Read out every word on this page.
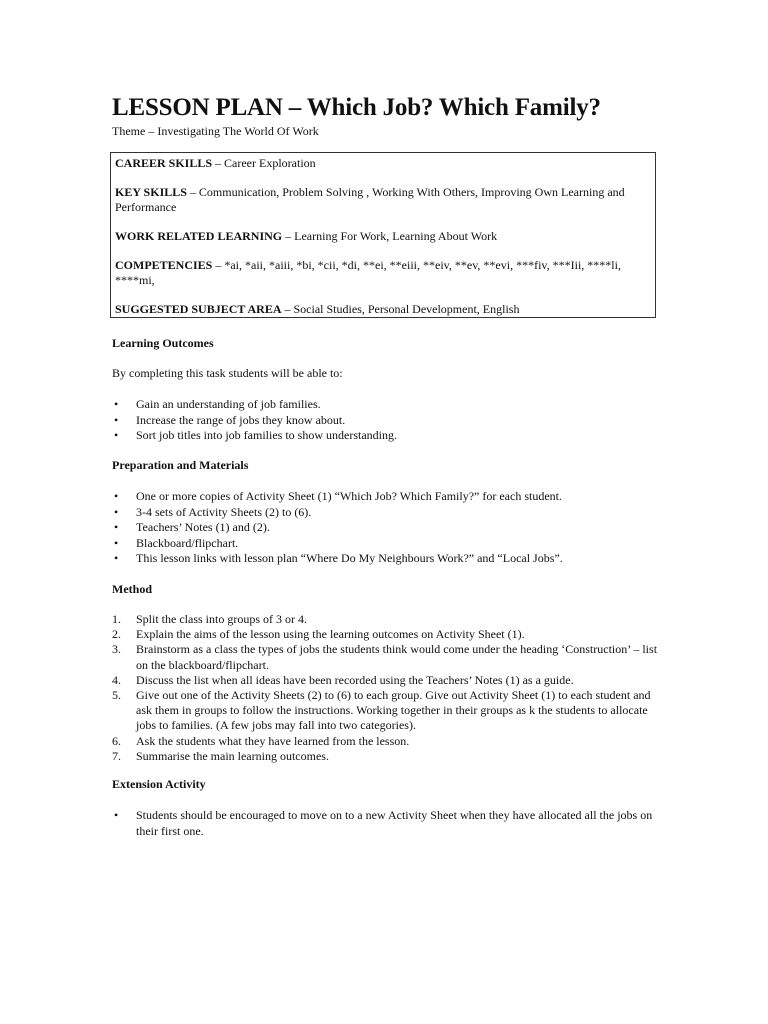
LESSON PLAN – Which Job? Which Family?
Theme – Investigating The World Of Work

CAREER SKILLS – Career Exploration

KEY SKILLS – Communication, Problem Solving , Working With Others, Improving Own Learning and Performance

WORK RELATED LEARNING – Learning For Work, Learning About Work

COMPETENCIES – *ai, *aii, *aiii, *bi, *cii, *di, **ei, **eiii, **eiv, **ev, **evi, ***fiv, ***Iii, ****li, ****mi,

SUGGESTED SUBJECT AREA – Social Studies, Personal Development, English

Learning Outcomes
By completing this task students will be able to:
• Gain an understanding of job families.
• Increase the range of jobs they know about.
• Sort job titles into job families to show understanding.
Preparation and Materials
• One or more copies of Activity Sheet (1) “Which Job? Which Family?” for each student.
• 3-4 sets of Activity Sheets (2) to (6).
• Teachers’ Notes (1) and (2).
• Blackboard/flipchart.
• This lesson links with lesson plan “Where Do My Neighbours Work?” and “Local Jobs”.
Method
1. Split the class into groups of 3 or 4.
2. Explain the aims of the lesson using the learning outcomes on Activity Sheet (1).
3. Brainstorm as a class the types of jobs the students think would come under the heading ‘Construction’ – list on the blackboard/flipchart.
4. Discuss the list when all ideas have been recorded using the Teachers’ Notes (1) as a guide.
5. Give out one of the Activity Sheets (2) to (6) to each group. Give out Activity Sheet (1) to each student and ask them in groups to follow the instructions. Working together in their groups as k the students to allocate jobs to families. (A few jobs may fall into two categories).
6. Ask the students what they have learned from the lesson.
7. Summarise the main learning outcomes.
Extension Activity
• Students should be encouraged to move on to a new Activity Sheet when they have allocated all the jobs on their first one.
